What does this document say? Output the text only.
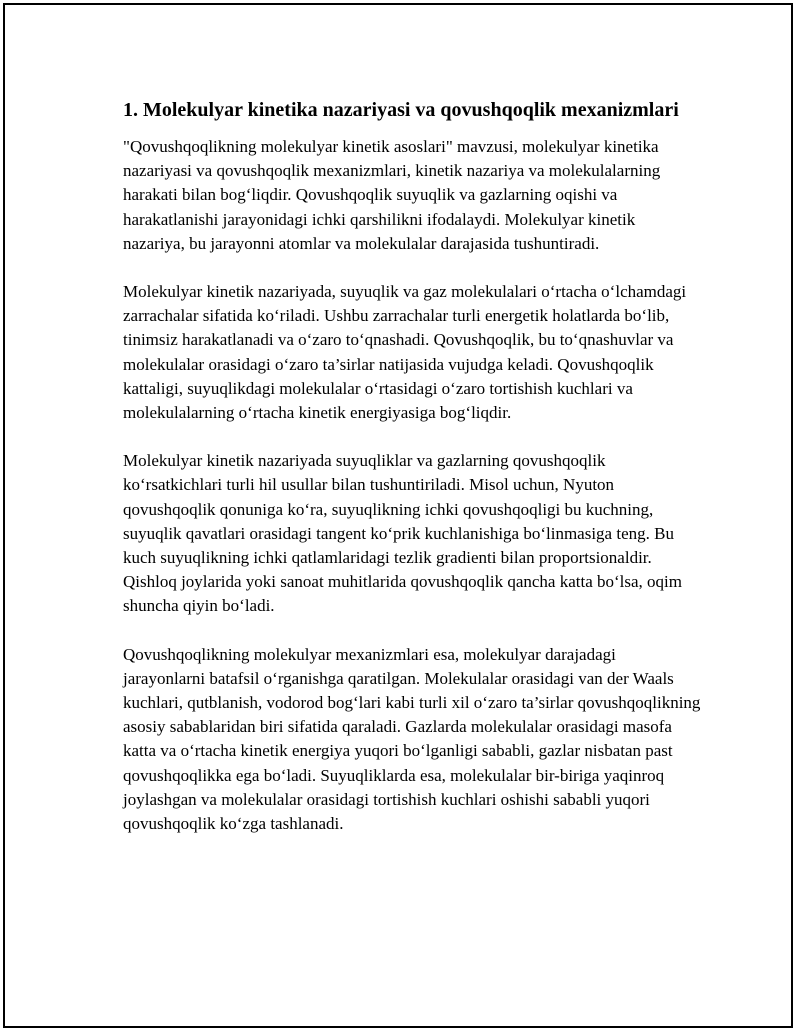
1. Molekulyar kinetika nazariyasi va qovushqoqlik mexanizmlari

"Qovushqoqlikning molekulyar kinetik asoslari" mavzusi, molekulyar kinetika nazariyasi va qovushqoqlik mexanizmlari, kinetik nazariya va molekulalarning harakati bilan bog‘liqdir. Qovushqoqlik suyuqlik va gazlarning oqishi va harakatlanishi jarayonidagi ichki qarshilikni ifodalaydi. Molekulyar kinetik nazariya, bu jarayonni atomlar va molekulalar darajasida tushuntiradi.

Molekulyar kinetik nazariyada, suyuqlik va gaz molekulalari o‘rtacha o‘lchamdagi zarrachalar sifatida ko‘riladi. Ushbu zarrachalar turli energetik holatlarda bo‘lib, tinimsiz harakatlanadi va o‘zaro to‘qnashadi. Qovushqoqlik, bu to‘qnashuvlar va molekulalar orasidagi o‘zaro ta’sirlar natijasida vujudga keladi. Qovushqoqlik kattaligi, suyuqlikdagi molekulalar o‘rtasidagi o‘zaro tortishish kuchlari va molekulalarning o‘rtacha kinetik energiyasiga bog‘liqdir.

Molekulyar kinetik nazariyada suyuqliklar va gazlarning qovushqoqlik ko‘rsatkichlari turli hil usullar bilan tushuntiriladi. Misol uchun, Nyuton qovushqoqlik qonuniga ko‘ra, suyuqlikning ichki qovushqoqligi bu kuchning, suyuqlik qavatlari orasidagi tangent ko‘prik kuchlanishiga bo‘linmasiga teng. Bu kuch suyuqlikning ichki qatlamlaridagi tezlik gradienti bilan proportsionaldir. Qishloq joylarida yoki sanoat muhitlarida qovushqoqlik qancha katta bo‘lsa, oqim shuncha qiyin bo‘ladi.

Qovushqoqlikning molekulyar mexanizmlari esa, molekulyar darajadagi jarayonlarni batafsil o‘rganishga qaratilgan. Molekulalar orasidagi van der Waals kuchlari, qutblanish, vodorod bog‘lari kabi turli xil o‘zaro ta’sirlar qovushqoqlikning asosiy sabablaridan biri sifatida qaraladi. Gazlarda molekulalar orasidagi masofa katta va o‘rtacha kinetik energiya yuqori bo‘lganligi sababli, gazlar nisbatan past qovushqoqlikka ega bo‘ladi. Suyuqliklarda esa, molekulalar bir-biriga yaqinroq joylashgan va molekulalar orasidagi tortishish kuchlari oshishi sababli yuqori qovushqoqlik ko‘zga tashlanadi.
